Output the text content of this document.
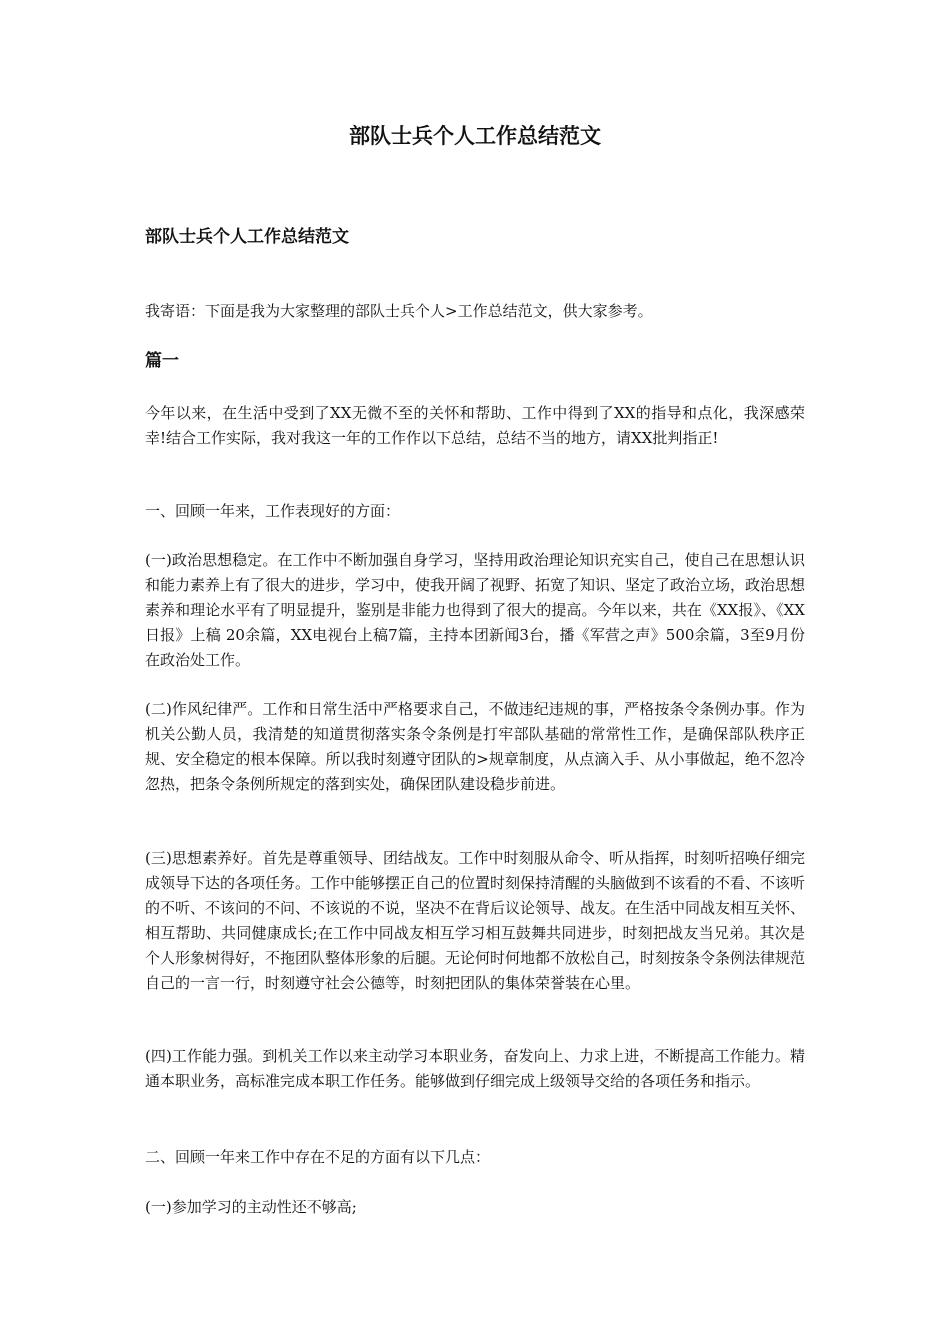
部队士兵个人工作总结范文
部队士兵个人工作总结范文

我寄语：下面是我为大家整理的部队士兵个人>工作总结范文，供大家参考。

篇一

今年以来，在生活中受到了XX无微不至的关怀和帮助、工作中得到了XX的指导和点化，我深感荣幸!结合工作实际，我对我这一年的工作作以下总结，总结不当的地方，请XX批判指正!

一、回顾一年来，工作表现好的方面：

(一)政治思想稳定。在工作中不断加强自身学习，坚持用政治理论知识充实自己，使自己在思想认识和能力素养上有了很大的进步，学习中，使我开阔了视野、拓宽了知识、坚定了政治立场，政治思想素养和理论水平有了明显提升，鉴别是非能力也得到了很大的提高。今年以来，共在《XX报》、《XX日报》上稿 20余篇，XX电视台上稿7篇，主持本团新闻3台，播《军营之声》500余篇，3至9月份在政治处工作。

(二)作风纪律严。工作和日常生活中严格要求自己，不做违纪违规的事，严格按条令条例办事。作为机关公勤人员，我清楚的知道贯彻落实条令条例是打牢部队基础的常常性工作，是确保部队秩序正规、安全稳定的根本保障。所以我时刻遵守团队的>规章制度，从点滴入手、从小事做起，绝不忽冷忽热，把条令条例所规定的落到实处，确保团队建设稳步前进。

(三)思想素养好。首先是尊重领导、团结战友。工作中时刻服从命令、听从指挥，时刻听招唤仔细完成领导下达的各项任务。工作中能够摆正自己的位置时刻保持清醒的头脑做到不该看的不看、不该听的不听、不该问的不问、不该说的不说，坚决不在背后议论领导、战友。在生活中同战友相互关怀、相互帮助、共同健康成长;在工作中同战友相互学习相互鼓舞共同进步，时刻把战友当兄弟。其次是个人形象树得好，不拖团队整体形象的后腿。无论何时何地都不放松自己，时刻按条令条例法律规范自己的一言一行，时刻遵守社会公德等，时刻把团队的集体荣誉装在心里。

(四)工作能力强。到机关工作以来主动学习本职业务，奋发向上、力求上进，不断提高工作能力。精通本职业务，高标准完成本职工作任务。能够做到仔细完成上级领导交给的各项任务和指示。

二、回顾一年来工作中存在不足的方面有以下几点：

(一)参加学习的主动性还不够高;
